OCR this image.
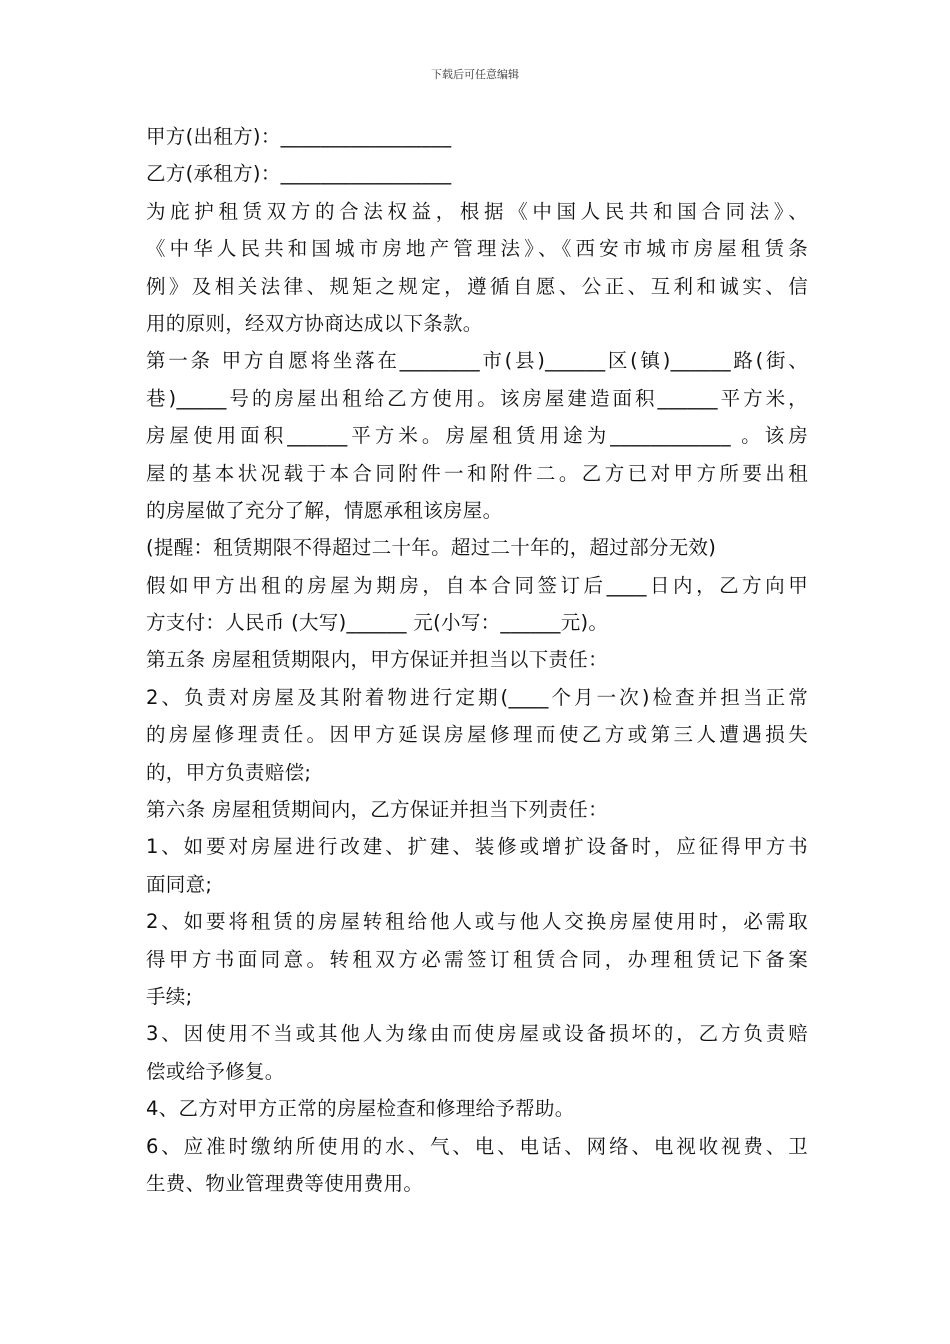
下载后可任意编辑
甲方(出租方)：_________________
乙方(承租方)：_________________
为庇护租赁双方的合法权益，根据《中国人民共和国合同法》、
《中华人民共和国城市房地产管理法》、《西安市城市房屋租赁条
例》及相关法律、规矩之规定，遵循自愿、公正、互利和诚实、信
用的原则，经双方协商达成以下条款。
第一条 甲方自愿将坐落在________市(县)______区(镇)______路(街、
巷)_____号的房屋出租给乙方使用。该房屋建造面积______平方米，
房屋使用面积______平方米。房屋租赁用途为____________ 。该房
屋的基本状况载于本合同附件一和附件二。乙方已对甲方所要出租
的房屋做了充分了解，情愿承租该房屋。
(提醒：租赁期限不得超过二十年。超过二十年的，超过部分无效)
假如甲方出租的房屋为期房，自本合同签订后____日内，乙方向甲
方支付：人民币 (大写)______ 元(小写：______元)。
第五条 房屋租赁期限内，甲方保证并担当以下责任：
2、负责对房屋及其附着物进行定期(____个月一次)检查并担当正常
的房屋修理责任。因甲方延误房屋修理而使乙方或第三人遭遇损失
的，甲方负责赔偿;
第六条 房屋租赁期间内，乙方保证并担当下列责任：
1、如要对房屋进行改建、扩建、装修或增扩设备时，应征得甲方书
面同意;
2、如要将租赁的房屋转租给他人或与他人交换房屋使用时，必需取
得甲方书面同意。转租双方必需签订租赁合同，办理租赁记下备案
手续;
3、因使用不当或其他人为缘由而使房屋或设备损坏的，乙方负责赔
偿或给予修复。
4、乙方对甲方正常的房屋检查和修理给予帮助。
6、应准时缴纳所使用的水、气、电、电话、网络、电视收视费、卫
生费、物业管理费等使用费用。
